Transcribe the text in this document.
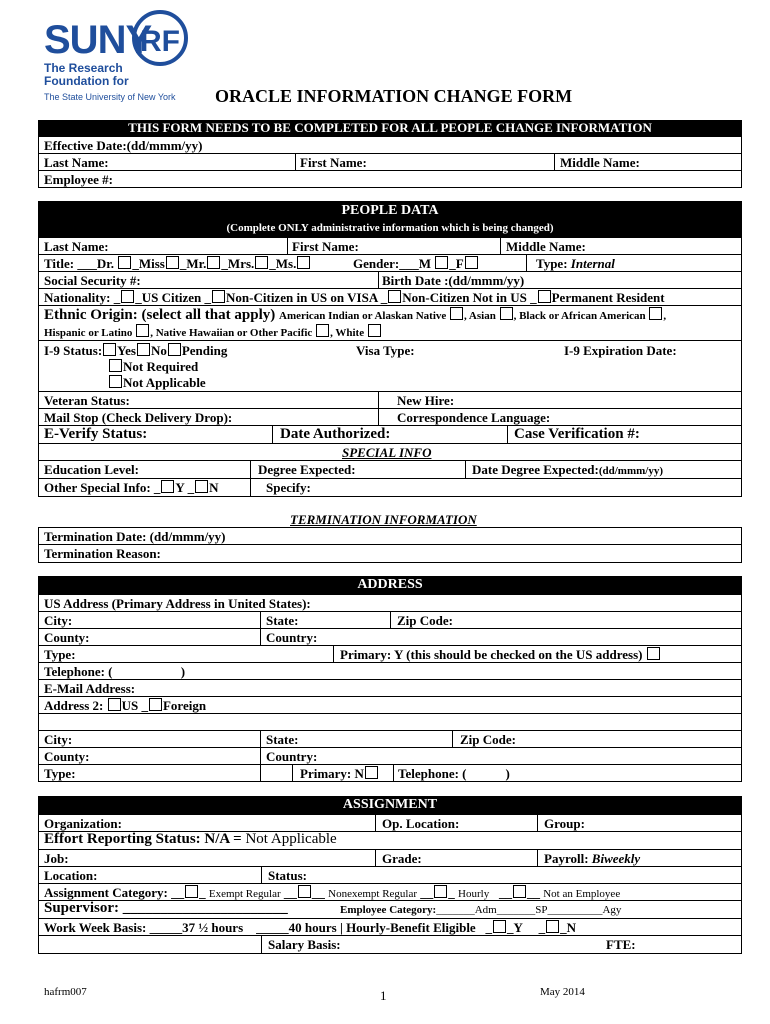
SUNY
RF
The Research
Foundation for
The State University of New York ORACLE INFORMATION CHANGE FORM
THIS FORM NEEDS TO BE COMPLETED FOR ALL PEOPLE CHANGE INFORMATION
Effective Date:(dd/mmm/yy)
Last Name:	First Name:	Middle Name:
Employee #:
PEOPLE DATA
(Complete ONLY administrative information which is being changed)
Last Name:	First Name:	Middle Name:
Title: ___Dr. _Miss _Mr. _Mrs. _Ms.	Gender:___M _F	Type: Internal
Social Security #:	Birth Date :(dd/mmm/yy)
Nationality: _ _US Citizen _ Non-Citizen in US on VISA _ Non-Citizen Not in US _ Permanent Resident
Ethnic Origin: (select all that apply) American Indian or Alaskan Native , Asian , Black or African American ,
Hispanic or Latino , Native Hawaiian or Other Pacific , White
I-9 Status: Yes No Pending
Not Required
Not Applicable
Visa Type:	I-9 Expiration Date:
Veteran Status:	New Hire:
Mail Stop (Check Delivery Drop):	Correspondence Language:
E-Verify Status:	Date Authorized:	Case Verification #:
SPECIAL INFO
Education Level:	Degree Expected:	Date Degree Expected:(dd/mmm/yy)
Other Special Info: _ Y _ N	Specify:
TERMINATION INFORMATION
Termination Date: (dd/mmm/yy)
Termination Reason:
ADDRESS
US Address (Primary Address in United States):
City:	State:	Zip Code:
County:	Country:
Type:	Primary: Y (this should be checked on the US address)
Telephone: (	)
E-Mail Address:
Address 2: US _ Foreign
City:	State:	Zip Code:
County:	Country:
Type:	Primary: N	Telephone: (	)
ASSIGNMENT
Organization:	Op. Location:	Group:
Effort Reporting Status: N/A = Not Applicable
Job:	Grade:	Payroll: Biweekly
Location:	Status:
Assignment Category: __ _ Exempt Regular __ __ Nonexempt Regular __ _ Hourly   __ __ Not an Employee
Supervisor: ______________________	Employee Category:_______Adm_______SP__________Agy
Work Week Basis: _____37 ½ hours    _____40 hours | Hourly-Benefit Eligible   _ _Y     _ _N
Salary Basis:	FTE:
hafrm007	1	May 2014
